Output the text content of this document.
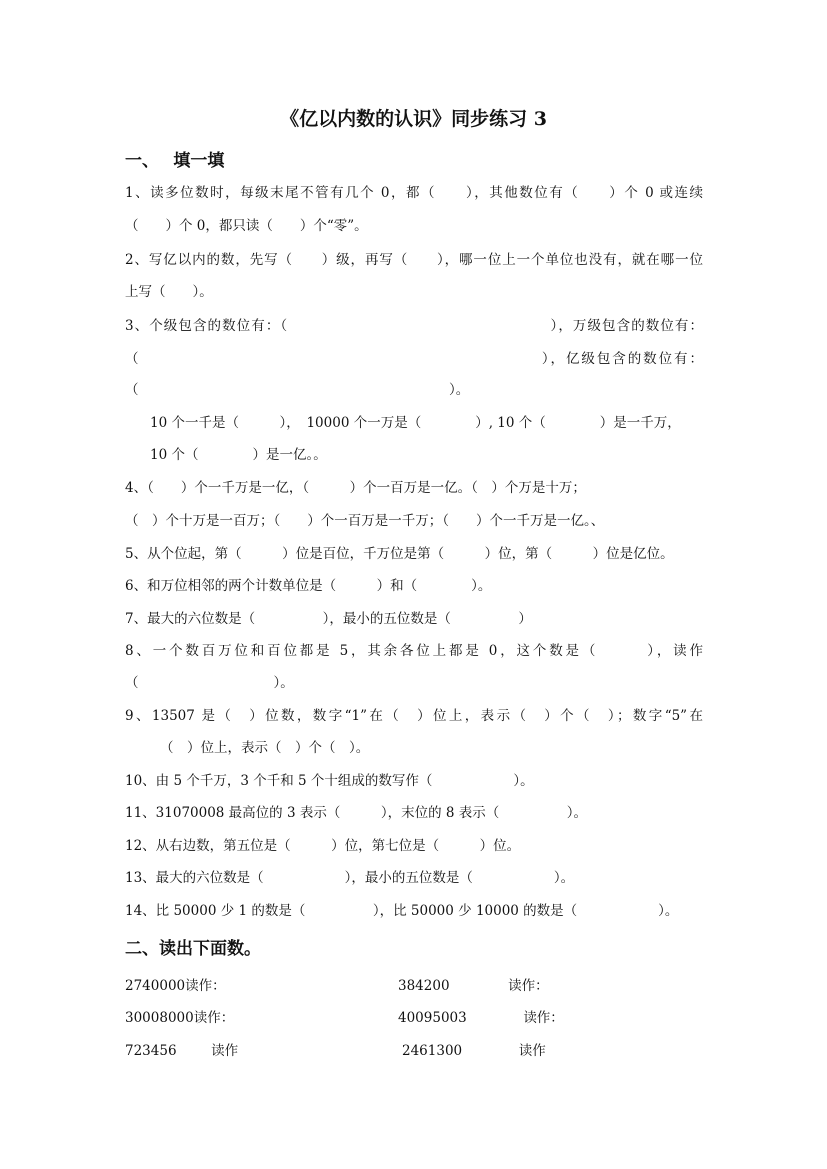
《亿以内数的认识》同步练习 3
一、　 填一填
1、读多位数时，每级末尾不管有几个 0，都（　　），其他数位有（　　）个 0 或连续
（　　）个 0，都只读（　　）个“零”。
2、写亿以内的数，先写（　　）级，再写（　　），哪一位上一个单位也没有，就在哪一位
上写（　　）。
3、个级包含的数位有：（　　　　　　　　　　　　　　　　　　），万级包含的数位有：
（　　　　　　　　　　　　　　　　　　　　　　　　　　），亿级包含的数位有：
（　　　　　　　　　　　　　　　　　　　　　　　）。
10 个一千是（　　　），　10000 个一万是（　　　　）, 10 个（　　　　）是一千万，
10 个（　　　　）是一亿。。
4、（　　）个一千万是一亿，（　　　）个一百万是一亿。（　）个万是十万；
（　）个十万是一百万；（　　）个一百万是一千万；（　　）个一千万是一亿。、
5、从个位起，第（　　　）位是百位，千万位是第（　　　）位，第（　　　）位是亿位。
6、和万位相邻的两个计数单位是（　　　）和（　　　　）。
7、最大的六位数是（　　　　　），最小的五位数是（　　　　　）
8、一个数百万位和百位都是 5，其余各位上都是 0，这个数是（　　　），读作
（　　　　　　　　　　）。
9、13507 是（　）位数，数字“1”在（　）位上，表示（　）个（　）；数字“5”在
（　）位上，表示（　）个（　）。
10、由 5 个千万，3 个千和 5 个十组成的数写作（　　　　　　）。
11、31070008 最高位的 3 表示（　　　），末位的 8 表示（　　　　　）。
12、从右边数，第五位是（　　　）位，第七位是（　　　）位。
13、最大的六位数是（　　　　　　），最小的五位数是（　　　　　　）。
14、比 50000 少 1 的数是（　　　　　），比 50000 少 10000 的数是（　　　　　　）。
二、读出下面数。
2740000读作：	384200	读作：
30008000读作：	40095003	读作：
723456	读作	2461300	读作
